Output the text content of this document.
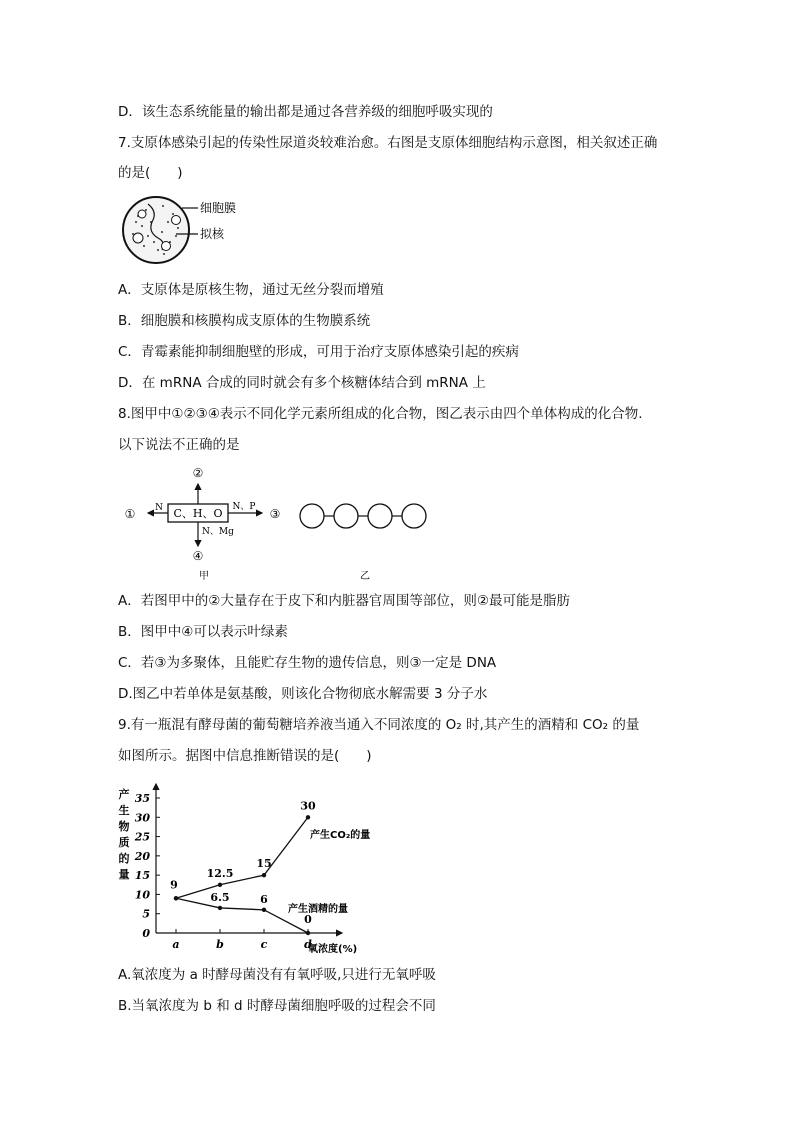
D．该生态系统能量的输出都是通过各营养级的细胞呼吸实现的
7.支原体感染引起的传染性尿道炎较难治愈。右图是支原体细胞结构示意图，相关叙述正确
的是(　　)
细胞膜
拟核
A．支原体是原核生物，通过无丝分裂而增殖
B．细胞膜和核膜构成支原体的生物膜系统
C．青霉素能抑制细胞壁的形成，可用于治疗支原体感染引起的疾病
D．在 mRNA 合成的同时就会有多个核糖体结合到 mRNA 上
8.图甲中①②③④表示不同化学元素所组成的化合物，图乙表示由四个单体构成的化合物.
以下说法不正确的是
C、H、O
②
N
①	N、P ③
N、Mg
④
甲	乙
A．若图甲中的②大量存在于皮下和内脏器官周围等部位，则②最可能是脂肪
B．图甲中④可以表示叶绿素
C．若③为多聚体，且能贮存生物的遗传信息，则③一定是 DNA
D.图乙中若单体是氨基酸，则该化合物彻底水解需要 3 分子水
9.有一瓶混有酵母菌的葡萄糖培养液当通入不同浓度的 O₂ 时,其产生的酒精和 CO₂ 的量
如图所示。据图中信息推断错误的是(　　)
产
生
物
质
的
量
0
5
10
15
20
25
30
35
a	b	c	d
9
12.5
15
30
6.5	6
0
产生CO₂的量
产生酒精的量
氧浓度(%)
A.氧浓度为 a 时酵母菌没有有氧呼吸,只进行无氧呼吸
B.当氧浓度为 b 和 d 时酵母菌细胞呼吸的过程会不同
